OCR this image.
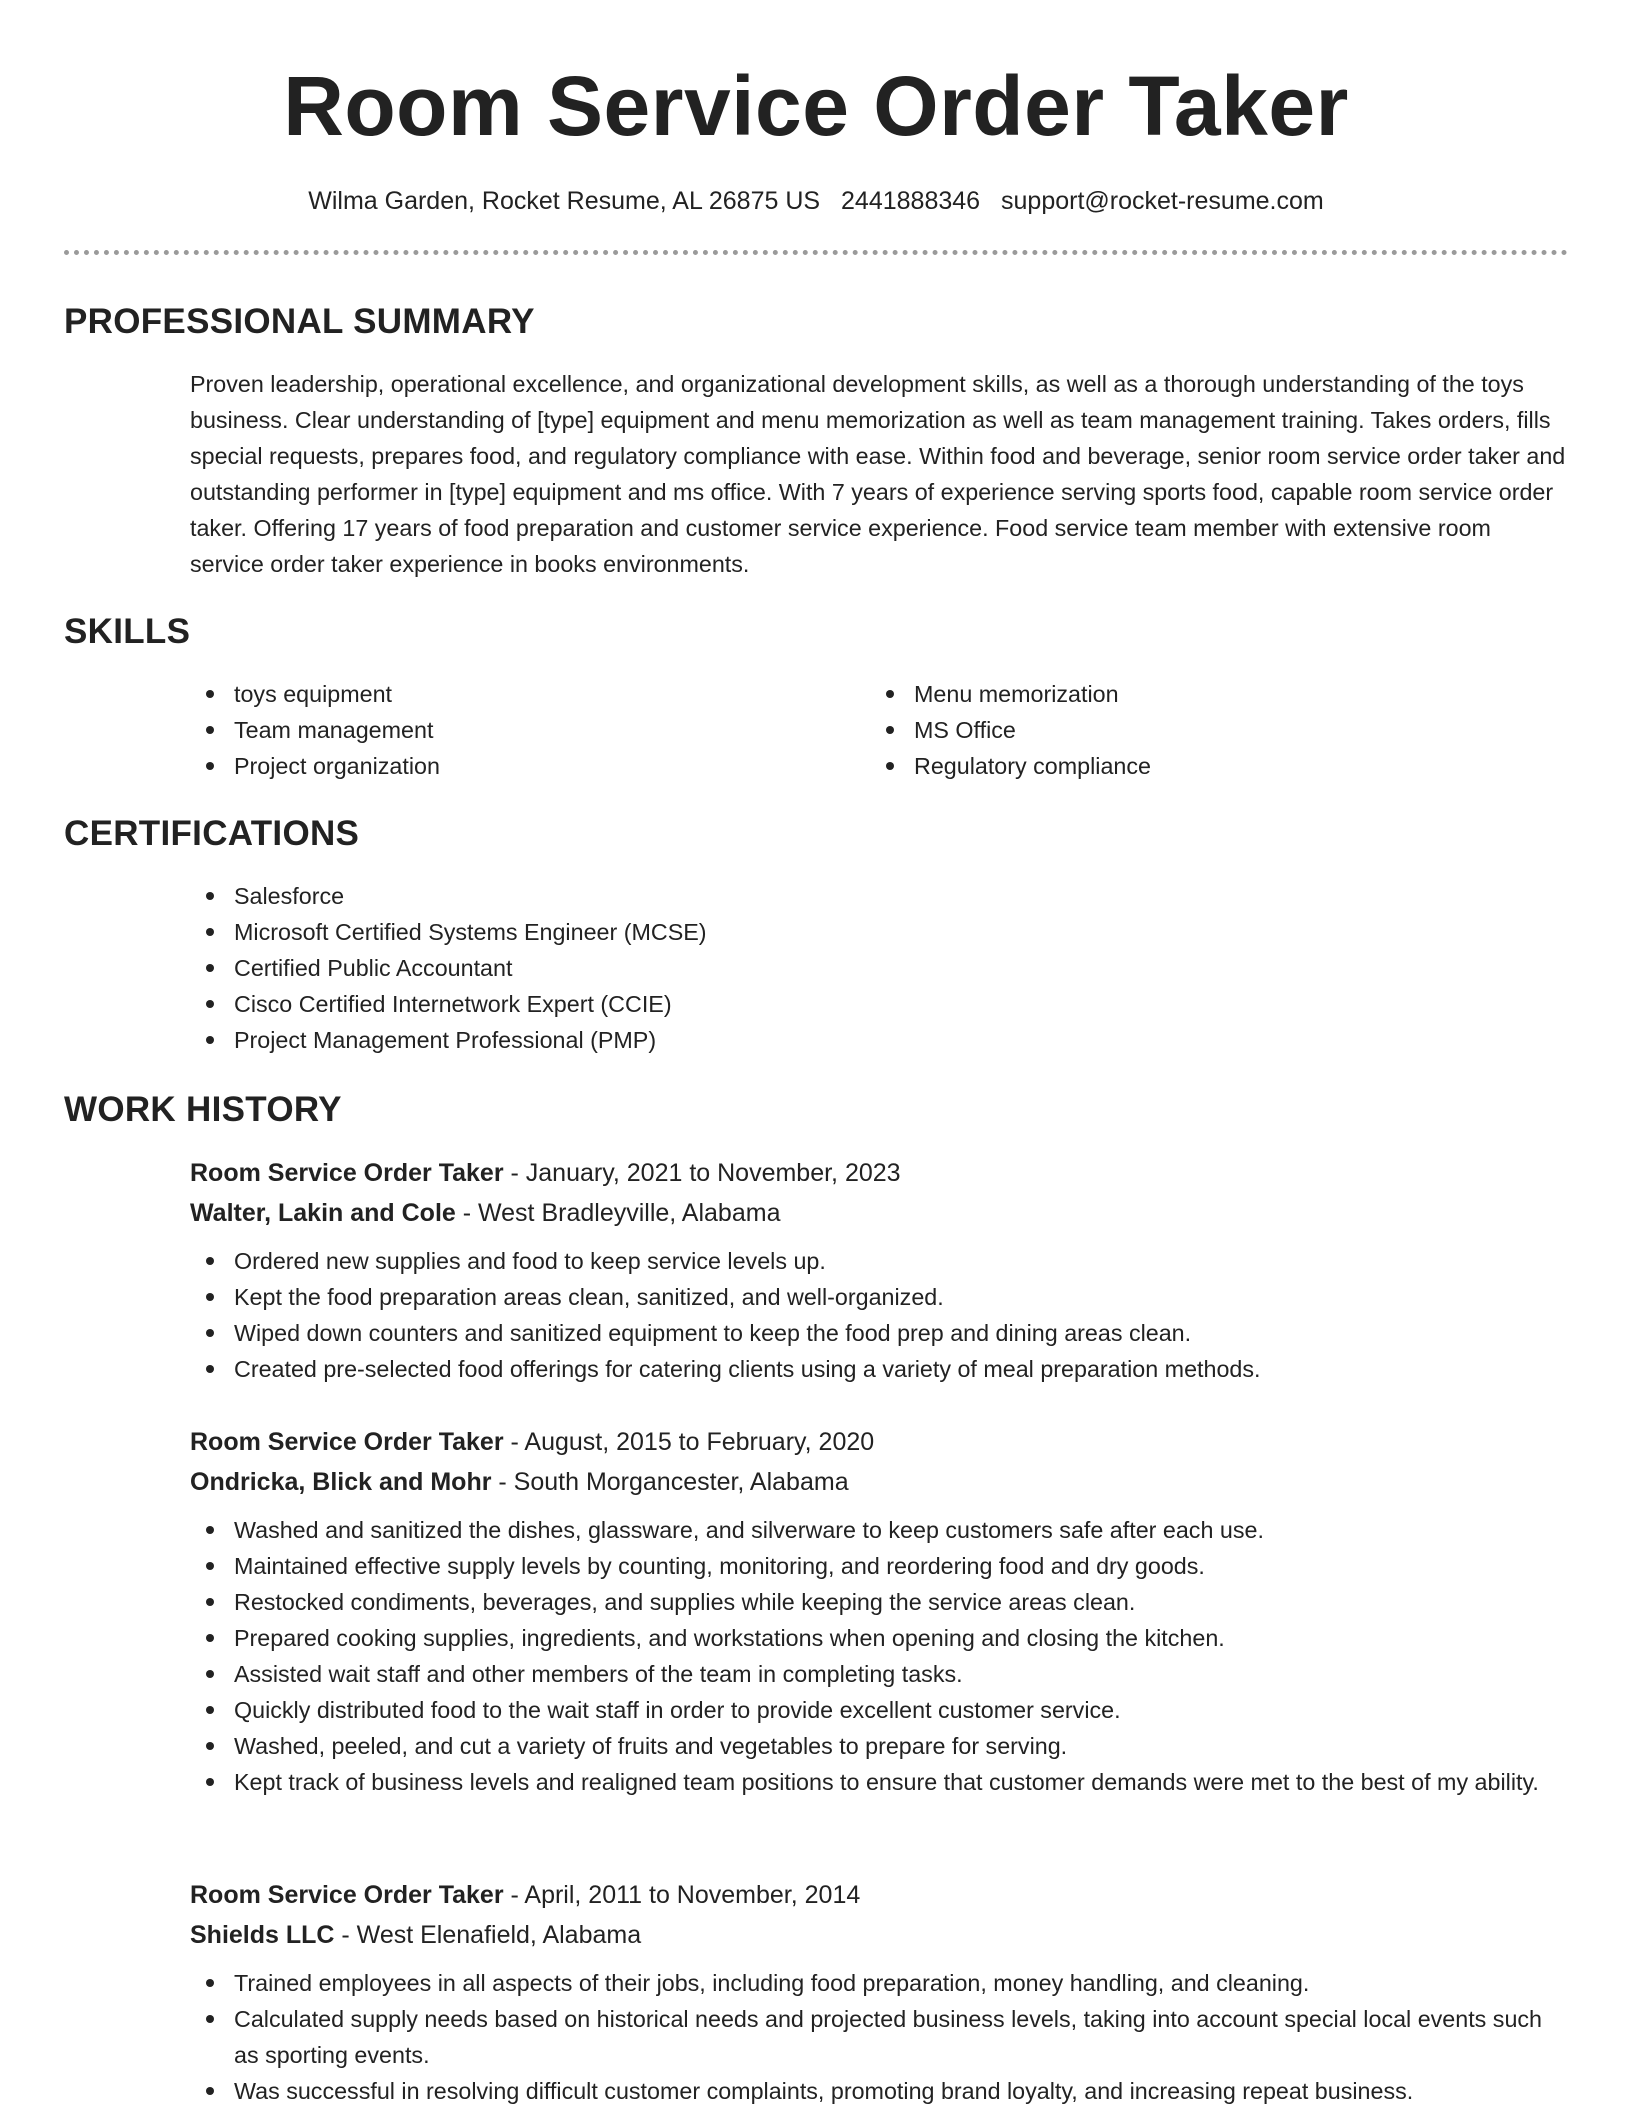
Room Service Order Taker
Wilma Garden, Rocket Resume, AL 26875 US 2441888346 support@rocket-resume.com
PROFESSIONAL SUMMARY

Proven leadership, operational excellence, and organizational development skills, as well as a thorough understanding of the toys business. Clear understanding of [type] equipment and menu memorization as well as team management training. Takes orders, fills special requests, prepares food, and regulatory compliance with ease. Within food and beverage, senior room service order taker and outstanding performer in [type] equipment and ms office. With 7 years of experience serving sports food, capable room service order taker. Offering 17 years of food preparation and customer service experience. Food service team member with extensive room service order taker experience in books environments.

SKILLS
toys equipment
Team management
Project organization
Menu memorization
MS Office
Regulatory compliance
CERTIFICATIONS
Salesforce
Microsoft Certified Systems Engineer (MCSE)
Certified Public Accountant
Cisco Certified Internetwork Expert (CCIE)
Project Management Professional (PMP)
WORK HISTORY
Room Service Order Taker - January, 2021 to November, 2023
Walter, Lakin and Cole - West Bradleyville, Alabama
Ordered new supplies and food to keep service levels up.
Kept the food preparation areas clean, sanitized, and well-organized.
Wiped down counters and sanitized equipment to keep the food prep and dining areas clean.
Created pre-selected food offerings for catering clients using a variety of meal preparation methods.
Room Service Order Taker - August, 2015 to February, 2020
Ondricka, Blick and Mohr - South Morgancester, Alabama
Washed and sanitized the dishes, glassware, and silverware to keep customers safe after each use.
Maintained effective supply levels by counting, monitoring, and reordering food and dry goods.
Restocked condiments, beverages, and supplies while keeping the service areas clean.
Prepared cooking supplies, ingredients, and workstations when opening and closing the kitchen.
Assisted wait staff and other members of the team in completing tasks.
Quickly distributed food to the wait staff in order to provide excellent customer service.
Washed, peeled, and cut a variety of fruits and vegetables to prepare for serving.
Kept track of business levels and realigned team positions to ensure that customer demands were met to the best of my ability.
Room Service Order Taker - April, 2011 to November, 2014
Shields LLC - West Elenafield, Alabama
Trained employees in all aspects of their jobs, including food preparation, money handling, and cleaning.
Calculated supply needs based on historical needs and projected business levels, taking into account special local events such as sporting events.
Was successful in resolving difficult customer complaints, promoting brand loyalty, and increasing repeat business.
